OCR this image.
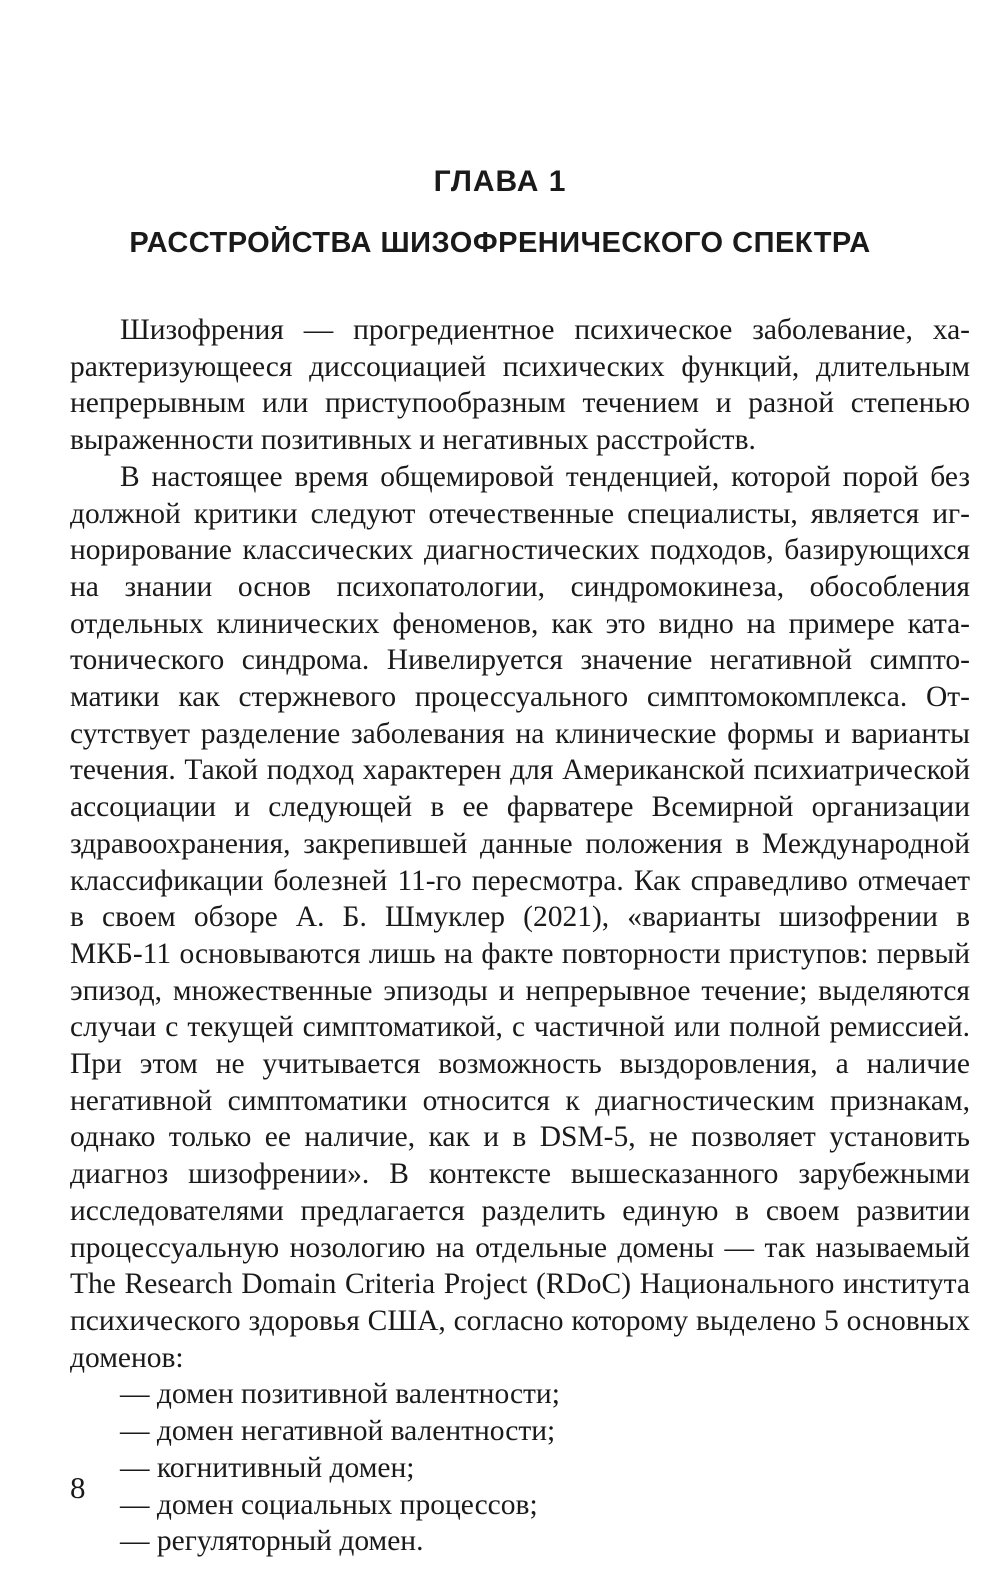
ГЛАВА 1
РАССТРОЙСТВА ШИЗОФРЕНИЧЕСКОГО СПЕКТРА

Шизофрения — прогредиентное психическое заболевание, характеризующееся диссоциацией психических функций, длительным непрерывным или приступообразным течением и разной степенью выраженности позитивных и негативных расстройств.

В настоящее время общемировой тенденцией, которой порой без должной критики следуют отечественные специалисты, является игнорирование классических диагностических подходов, базирующихся на знании основ психопатологии, синдромокинеза, обособления отдельных клинических феноменов, как это видно на примере кататонического синдрома. Нивелируется значение негативной симптоматики как стержневого процессуального симптомокомплекса. Отсутствует разделение заболевания на клинические формы и варианты течения. Такой подход характерен для Американской психиатрической ассоциации и следующей в ее фарватере Всемирной организации здравоохранения, закрепившей данные положения в Международной классификации болезней 11-го пересмотра. Как справедливо отмечает в своем обзоре А. Б. Шмуклер (2021), «варианты шизофрении в МКБ-11 основываются лишь на факте повторности приступов: первый эпизод, множественные эпизоды и непрерывное течение; выделяются случаи с текущей симптоматикой, с частичной или полной ремиссией. При этом не учитывается возможность выздоровления, а наличие негативной симптоматики относится к диагностическим признакам, однако только ее наличие, как и в DSM-5, не позволяет установить диагноз шизофрении». В контексте вышесказанного зарубежными исследователями предлагается разделить единую в своем развитии процессуальную нозологию на отдельные домены — так называемый The Research Domain Criteria Project (RDoC) Национального института психического здоровья США, согласно которому выделено 5 основных доменов:

— домен позитивной валентности;
— домен негативной валентности;
— когнитивный домен;
— домен социальных процессов;
— регуляторный домен.
8
